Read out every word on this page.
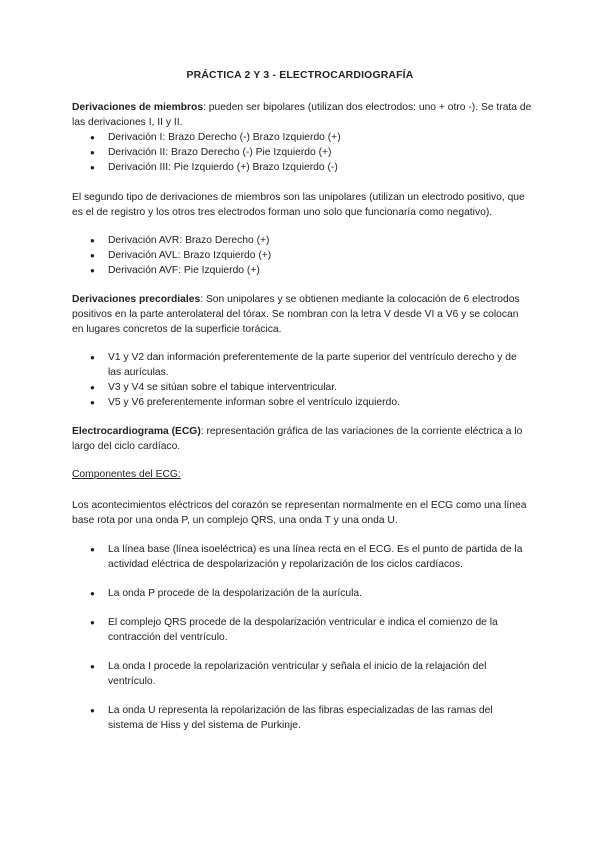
PRÁCTICA 2 Y 3 - ELECTROCARDIOGRAFÍA

Derivaciones de miembros: pueden ser bipolares (utilizan dos electrodos: uno + otro -). Se trata de las derivaciones I, II y II.

● Derivación I: Brazo Derecho (-) Brazo Izquierdo (+)
● Derivación II: Brazo Derecho (-) Pie Izquierdo (+)
● Derivación III: Pie Izquierdo (+) Brazo Izquierdo (-)

El segundo tipo de derivaciones de miembros son las unipolares (utilizan un electrodo positivo, que es el de registro y los otros tres electrodos forman uno solo que funcionaría como negativo).

● Derivación AVR: Brazo Derecho (+)
● Derivación AVL: Brazo Izquierdo (+)
● Derivación AVF: Pie Izquierdo (+)

Derivaciones precordiales: Son unipolares y se obtienen mediante la colocación de 6 electrodos positivos en la parte anterolateral del tórax. Se nombran con la letra V desde VI a V6 y se colocan en lugares concretos de la superficie torácica.

● V1 y V2 dan información preferentemente de la parte superior del ventrículo derecho y de las aurículas.
● V3 y V4 se sitúan sobre el tabique interventricular.
● V5 y V6 preferentemente informan sobre el ventrículo izquierdo.

Electrocardiograma (ECG): representación gráfica de las variaciones de la corriente eléctrica a lo largo del ciclo cardíaco.

Componentes del ECG:

Los acontecimientos eléctricos del corazón se representan normalmente en el ECG como una línea base rota por una onda P, un complejo QRS, una onda T y una onda U.

● La línea base (línea isoeléctrica) es una línea recta en el ECG. Es el punto de partida de la actividad eléctrica de despolarización y repolarización de los ciclos cardíacos.
● La onda P procede de la despolarización de la aurícula.
● El complejo QRS procede de la despolarización ventricular e indica el comienzo de la contracción del ventrículo.
● La onda I procede la repolarización ventricular y señala el inicio de la relajación del ventrículo.
● La onda U representa la repolarización de las fibras especializadas de las ramas del sistema de Hiss y del sistema de Purkinje.
